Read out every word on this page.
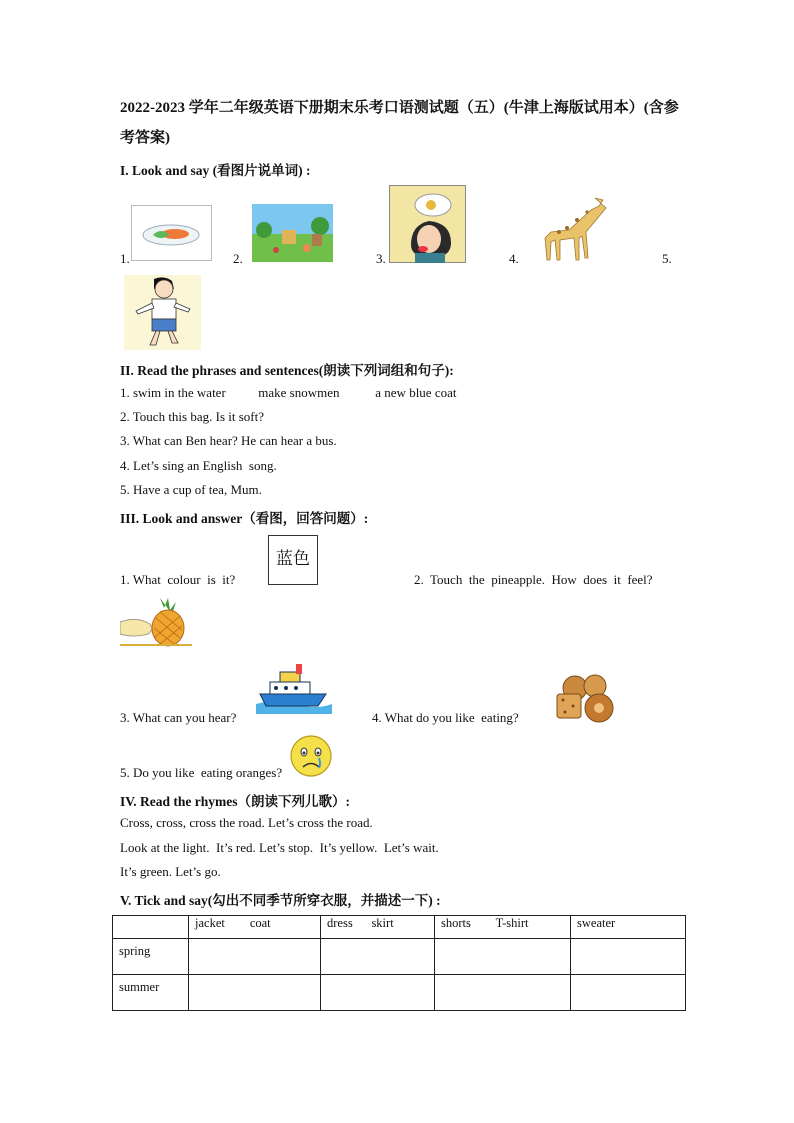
2022-2023 学年二年级英语下册期末乐考口语测试题（五）(牛津上海版试用本）(含参考答案)
I. Look and say (看图片说单词) :
1.	2.	3.	4.	5.
II. Read the phrases and sentences(朗读下列词组和句子):
1. swim in the water          make snowmen           a new blue coat
2. Touch this bag. Is it soft?
3. What can Ben hear? He can hear a bus.
4. Let’s sing an English  song.
5. Have a cup of tea, Mum.
III. Look and answer（看图，回答问题）:
1. What  colour  is  it?
蓝色
2.  Touch  the  pineapple.  How  does  it  feel?
3. What can you hear?	4. What do you like  eating?
5. Do you like  eating oranges?
IV. Read the rhymes（朗读下列儿歌）:
Cross, cross, cross the road. Let’s cross the road.
Look at the light.  It’s red. Let’s stop.  It’s yellow.  Let’s wait.
It’s green. Let’s go.
V. Tick and say(勾出不同季节所穿衣服，并描述一下) :
	jacket        coat	dress      skirt	shorts        T-shirt	sweater
spring				
summer				
